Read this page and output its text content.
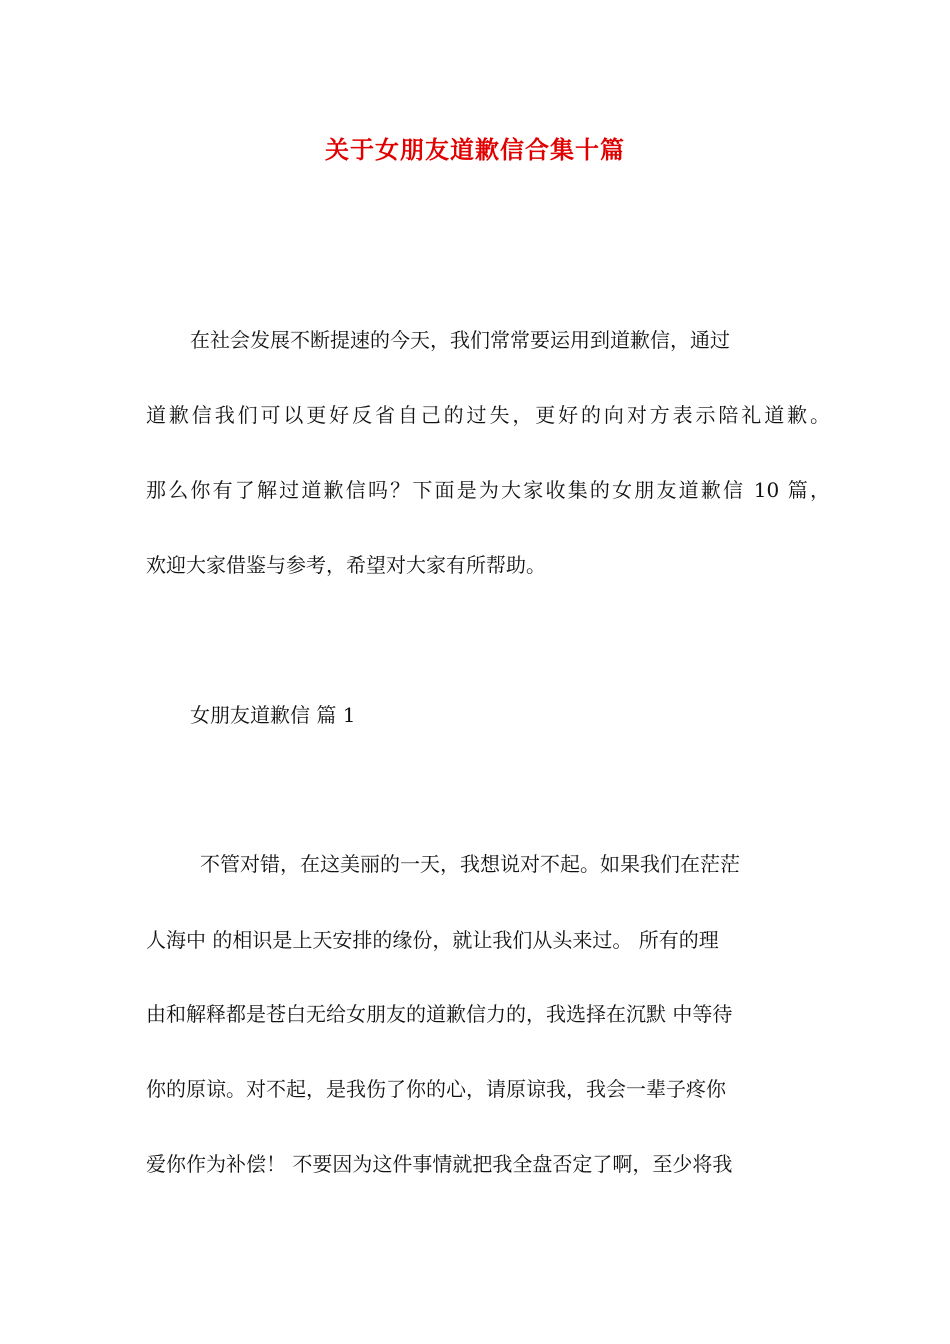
关于女朋友道歉信合集十篇
在社会发展不断提速的今天，我们常常要运用到道歉信，通过
道歉信我们可以更好反省自己的过失，更好的向对方表示陪礼道歉。
那么你有了解过道歉信吗？下面是为大家收集的女朋友道歉信 10 篇，
欢迎大家借鉴与参考，希望对大家有所帮助。
女朋友道歉信 篇 1
不管对错，在这美丽的一天，我想说对不起。如果我们在茫茫
人海中 的相识是上天安排的缘份，就让我们从头来过。 所有的理
由和解释都是苍白无给女朋友的道歉信力的，我选择在沉默 中等待
你的原谅。对不起，是我伤了你的心，请原谅我，我会一辈子疼你
爱你作为补偿！ 不要因为这件事情就把我全盘否定了啊，至少将我
